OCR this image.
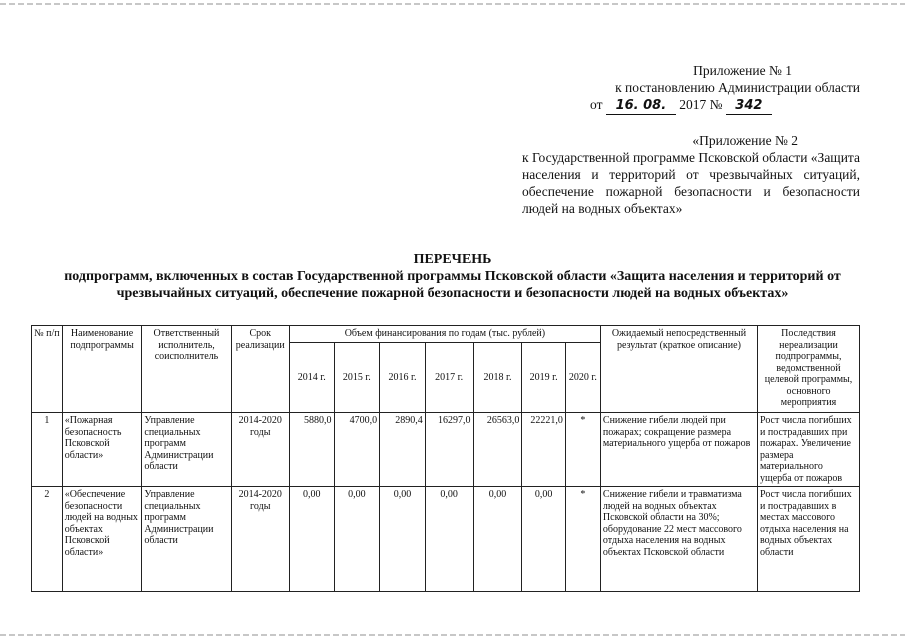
Приложение № 1
к постановлению Администрации области
от 16. 08. 2017 № 342
«Приложение № 2
к Государственной программе Псковской области «Защита населения и территорий от чрезвычайных ситуаций, обеспечение пожарной безопасности и безопасности людей на водных объектах»
ПЕРЕЧЕНЬ
подпрограмм, включенных в состав Государственной программы Псковской области «Защита населения и территорий от чрезвычайных ситуаций, обеспечение пожарной безопасности и безопасности людей на водных объектах»
№ п/п	Наименование подпрограммы	Ответственный исполнитель, соисполнитель	Срок реализации	Объем финансирования по годам (тыс. рублей)							Ожидаемый непосредственный результат (краткое описание)	Последствия нереализации подпрограммы, ведомственной целевой программы, основного мероприятия
				2014 г.	2015 г.	2016 г.	2017 г.	2018 г.	2019 г.	2020 г.		
1	«Пожарная безопасность Псковской области»	Управление специальных программ Администрации области	2014-2020 годы	5880,0	4700,0	2890,4	16297,0	26563,0	22221,0	*	Снижение гибели людей при пожарах; сокращение размера материального ущерба от пожаров	Рост числа погибших и пострадавших при пожарах. Увеличение размера материального ущерба от пожаров
2	«Обеспечение безопасности людей на водных объектах Псковской области»	Управление специальных программ Администрации области	2014-2020 годы	0,00	0,00	0,00	0,00	0,00	0,00	*	Снижение гибели и травматизма людей на водных объектах Псковской области на 30%; оборудование 22 мест массового отдыха населения на водных объектах Псковской области	Рост числа погибших и пострадавших в местах массового отдыха населения на водных объектах области
